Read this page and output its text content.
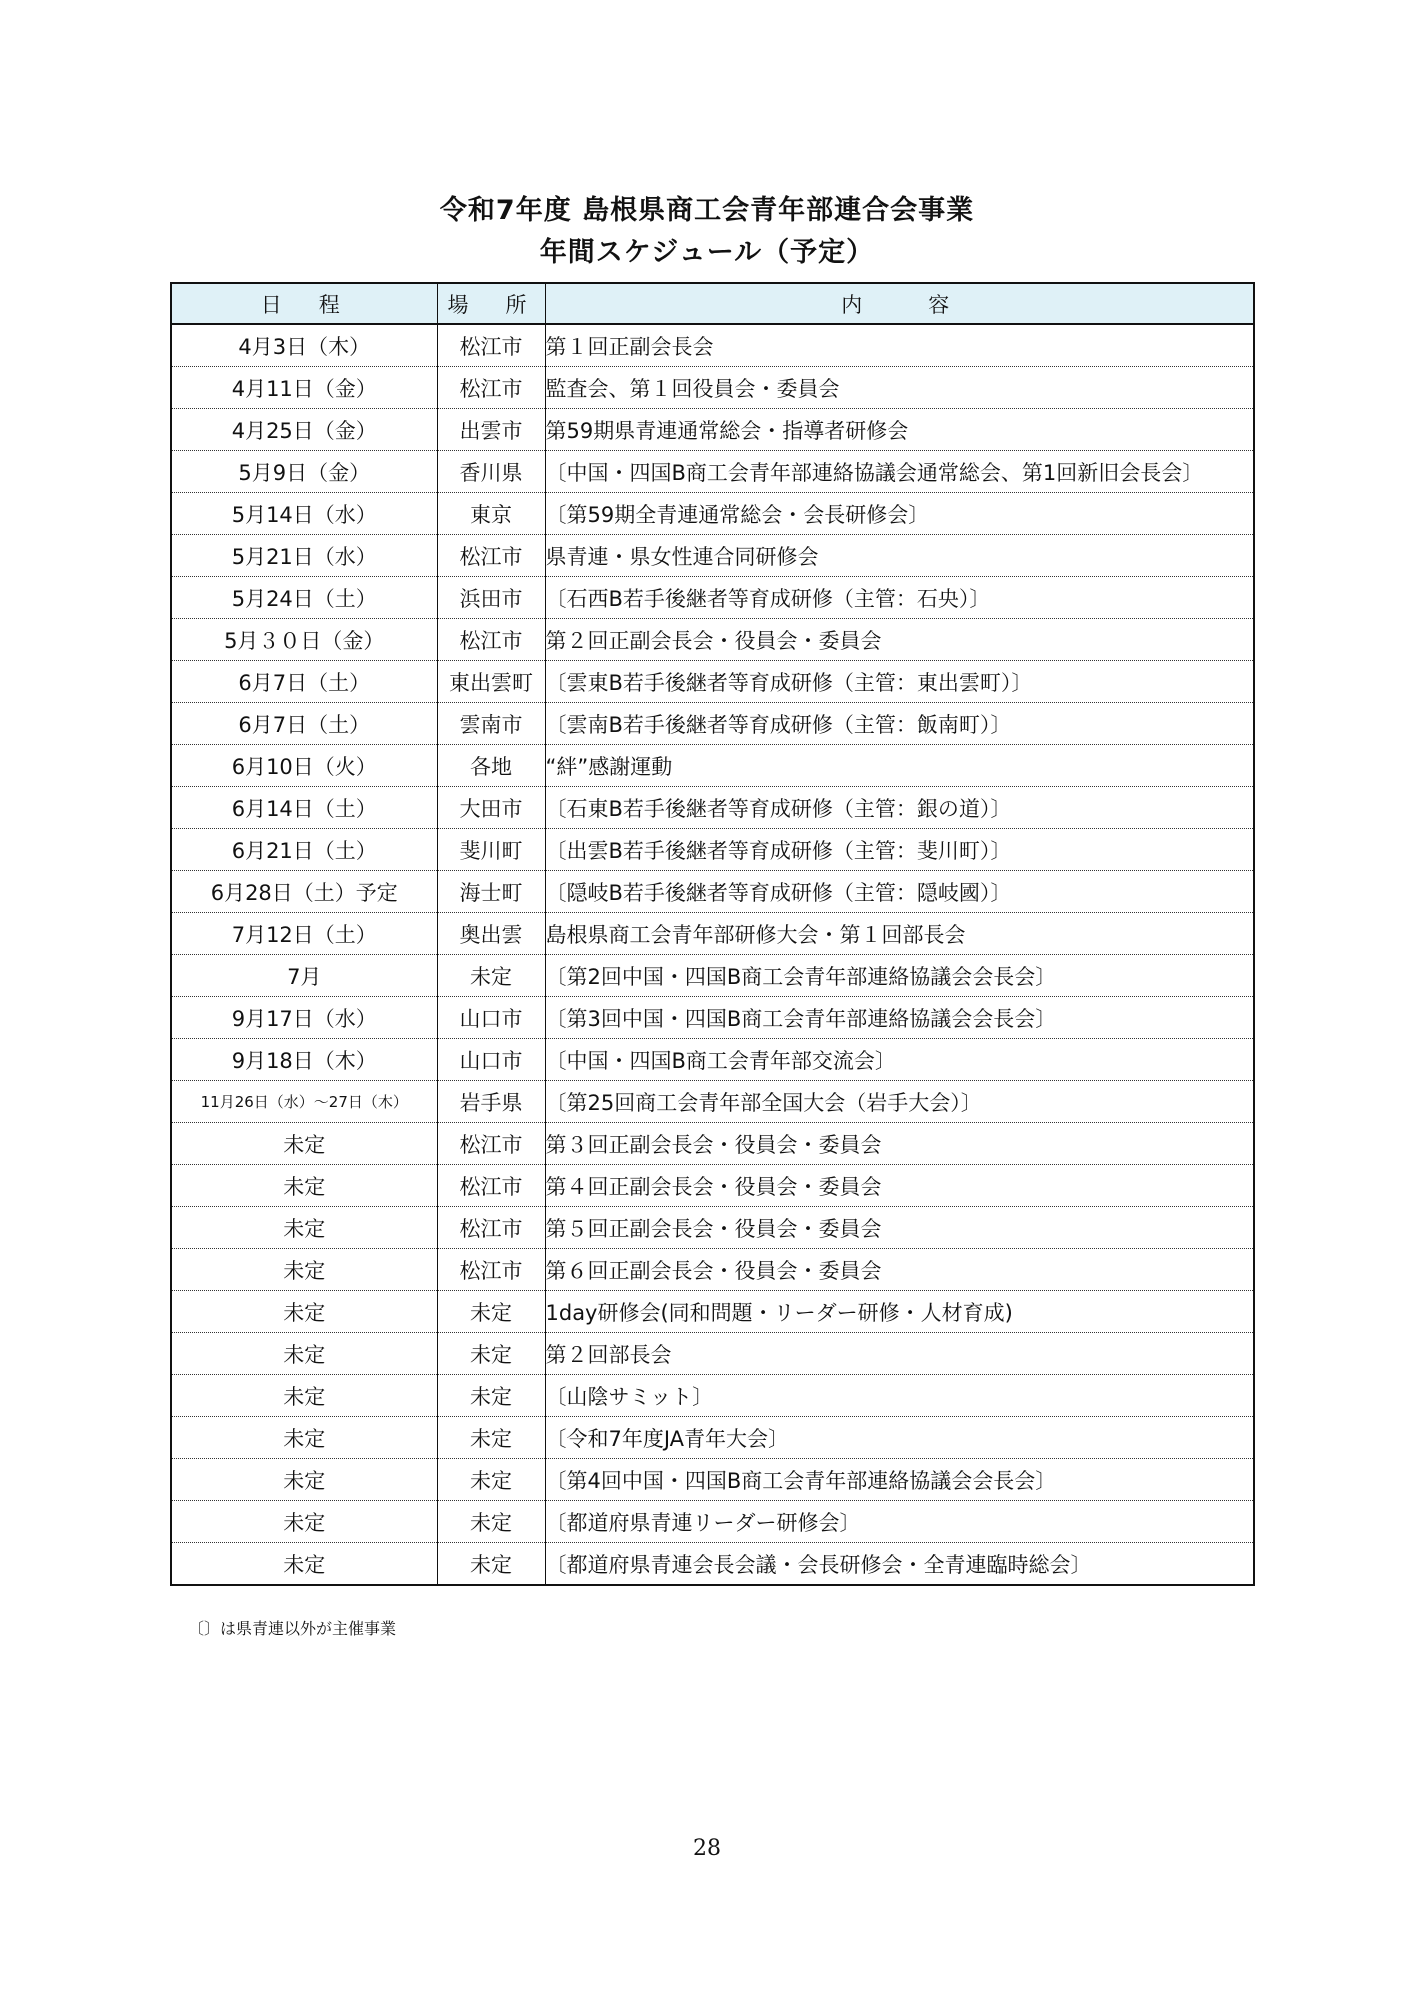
令和7年度 島根県商工会青年部連合会事業
年間スケジュール（予定）
日　程	場　所	内　　容
4月3日（木）	松江市	第１回正副会長会
4月11日（金）	松江市	監査会、第１回役員会・委員会
4月25日（金）	出雲市	第59期県青連通常総会・指導者研修会
5月9日（金）	香川県	〔中国・四国B商工会青年部連絡協議会通常総会、第1回新旧会長会〕
5月14日（水）	東京	〔第59期全青連通常総会・会長研修会〕
5月21日（水）	松江市	県青連・県女性連合同研修会
5月24日（土）	浜田市	〔石西B若手後継者等育成研修（主管：石央）〕
5月３０日（金）	松江市	第２回正副会長会・役員会・委員会
6月7日（土）	東出雲町	〔雲東B若手後継者等育成研修（主管：東出雲町）〕
6月7日（土）	雲南市	〔雲南B若手後継者等育成研修（主管：飯南町）〕
6月10日（火）	各地	“絆”感謝運動
6月14日（土）	大田市	〔石東B若手後継者等育成研修（主管：銀の道）〕
6月21日（土）	斐川町	〔出雲B若手後継者等育成研修（主管：斐川町）〕
6月28日（土）予定	海士町	〔隠岐B若手後継者等育成研修（主管：隠岐國）〕
7月12日（土）	奥出雲	島根県商工会青年部研修大会・第１回部長会
7月	未定	〔第2回中国・四国B商工会青年部連絡協議会会長会〕
9月17日（水）	山口市	〔第3回中国・四国B商工会青年部連絡協議会会長会〕
9月18日（木）	山口市	〔中国・四国B商工会青年部交流会〕
11月26日（水）～27日（木）	岩手県	〔第25回商工会青年部全国大会（岩手大会）〕
未定	松江市	第３回正副会長会・役員会・委員会
未定	松江市	第４回正副会長会・役員会・委員会
未定	松江市	第５回正副会長会・役員会・委員会
未定	松江市	第６回正副会長会・役員会・委員会
未定	未定	1day研修会(同和問題・リーダー研修・人材育成)
未定	未定	第２回部長会
未定	未定	〔山陰サミット〕
未定	未定	〔令和7年度JA青年大会〕
未定	未定	〔第4回中国・四国B商工会青年部連絡協議会会長会〕
未定	未定	〔都道府県青連リーダー研修会〕
未定	未定	〔都道府県青連会長会議・会長研修会・全青連臨時総会〕
〔〕は県青連以外が主催事業
28
